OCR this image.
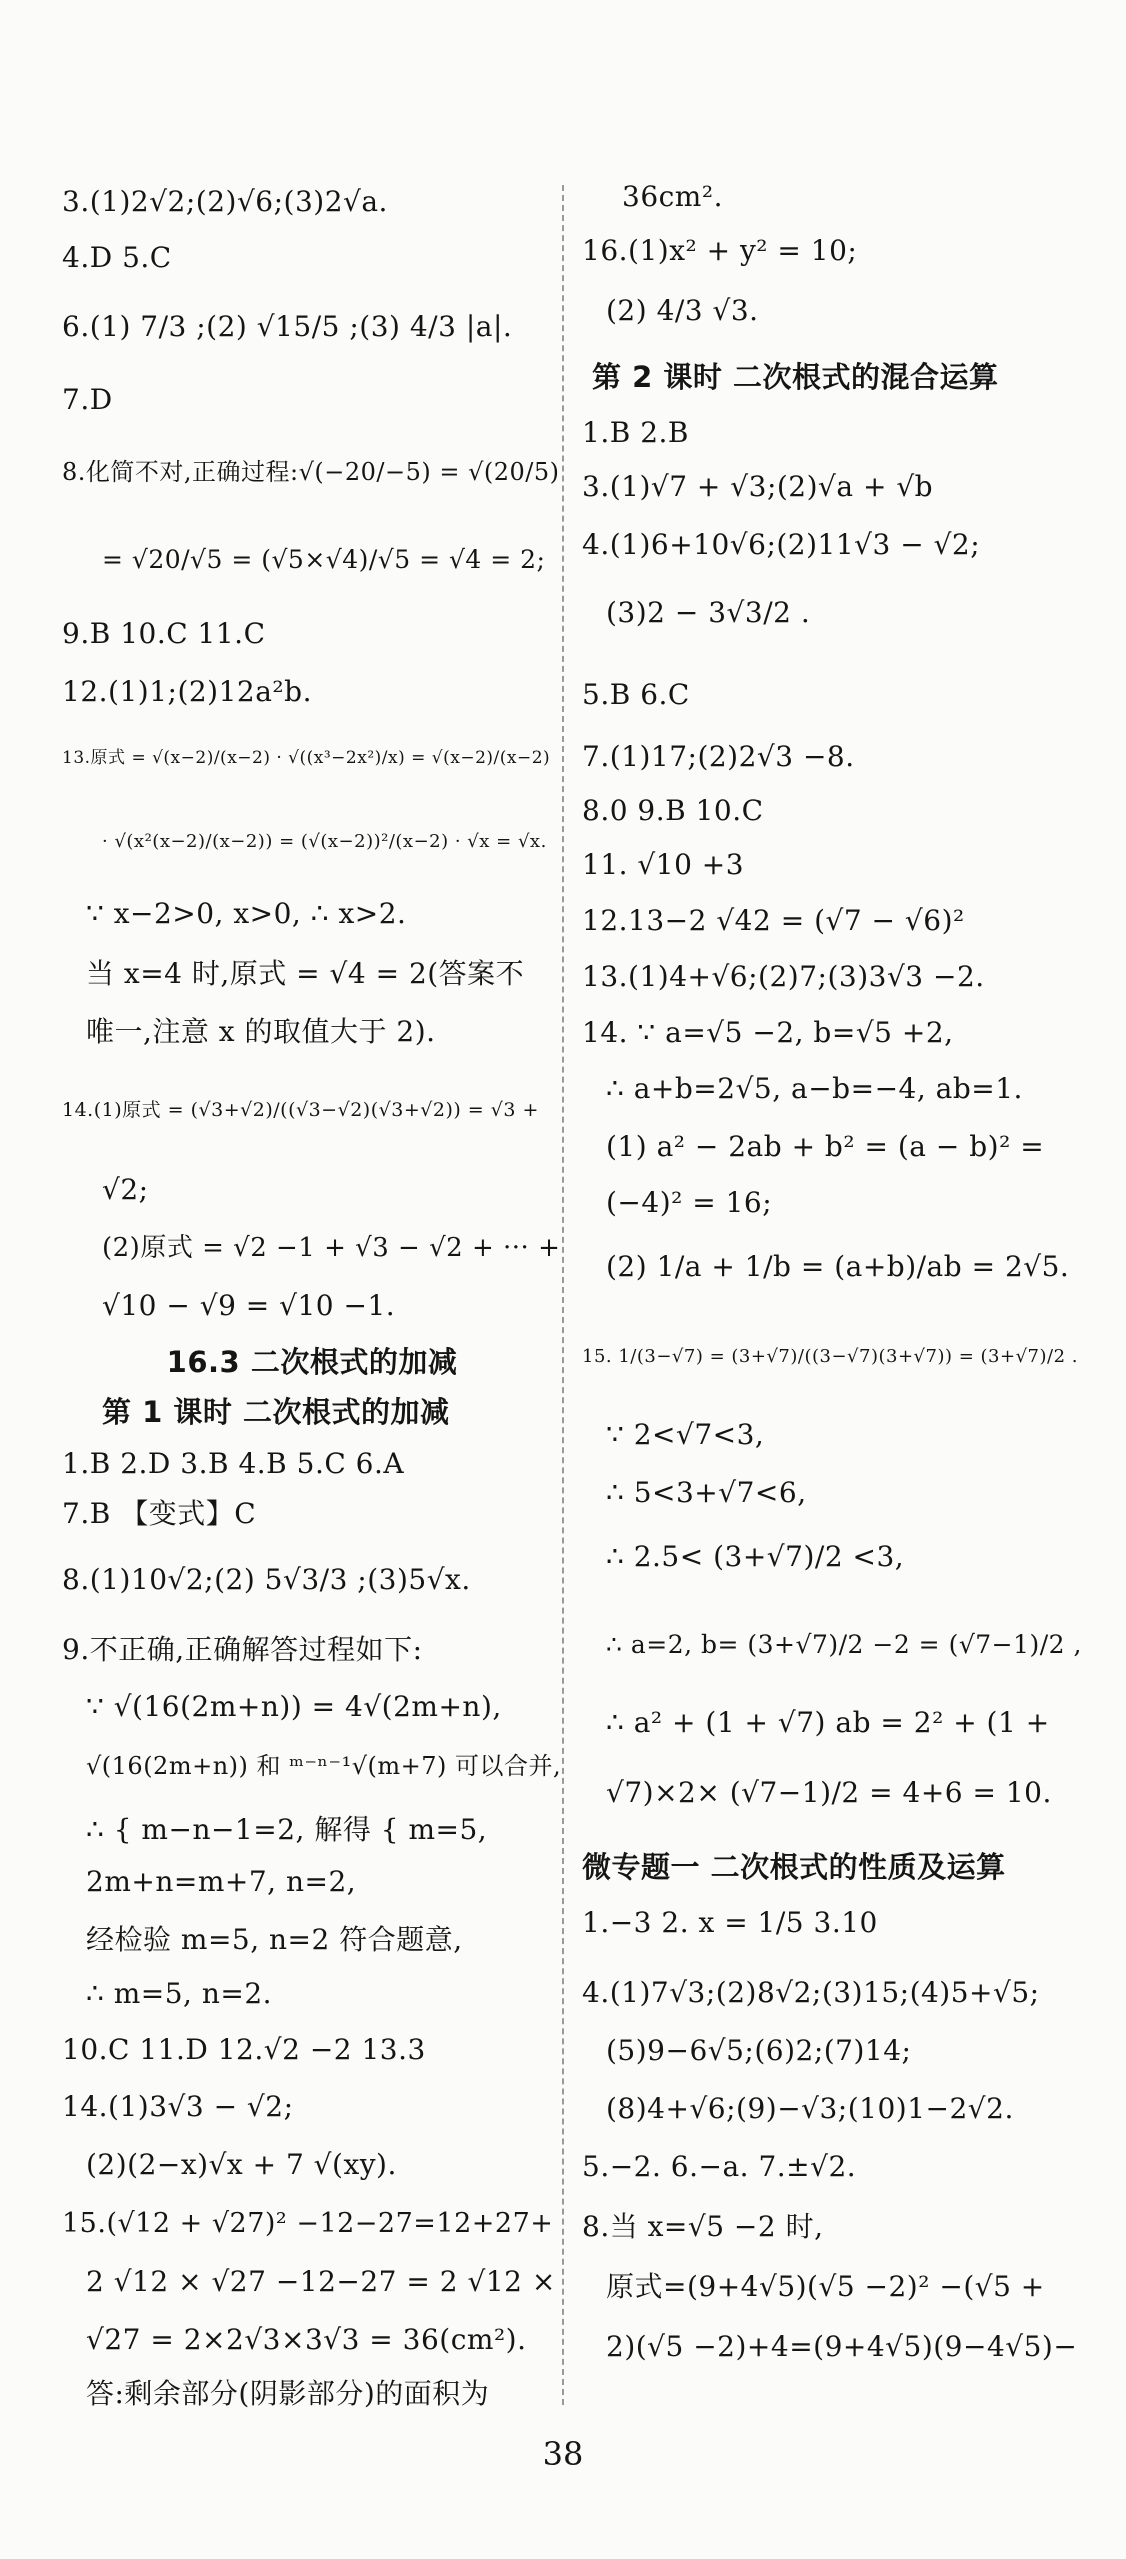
3.(1)2√2;(2)√6;(3)2√a.
4.D 5.C
6.(1) 7/3 ;(2) √15/5 ;(3) 4/3 |a|.
7.D
8.化简不对,正确过程:√(−20/−5) = √(20/5)
= √20/√5 = (√5×√4)/√5 = √4 = 2;
9.B 10.C 11.C
12.(1)1;(2)12a²b.
13.原式 = √(x−2)/(x−2) · √((x³−2x²)/x) = √(x−2)/(x−2)
· √(x²(x−2)/(x−2)) = (√(x−2))²/(x−2) · √x = √x.
∵ x−2>0, x>0, ∴ x>2.
当 x=4 时,原式 = √4 = 2(答案不
唯一,注意 x 的取值大于 2).
14.(1)原式 = (√3+√2)/((√3−√2)(√3+√2)) = √3 +
√2;
(2)原式 = √2 −1 + √3 − √2 + ··· +
√10 − √9 = √10 −1.
16.3 二次根式的加减
第 1 课时 二次根式的加减
1.B 2.D 3.B 4.B 5.C 6.A
7.B 【变式】C
8.(1)10√2;(2) 5√3/3 ;(3)5√x.
9.不正确,正确解答过程如下:
∵ √(16(2m+n)) = 4√(2m+n),
√(16(2m+n)) 和 ᵐ⁻ⁿ⁻¹√(m+7) 可以合并,
∴ { m−n−1=2, 解得 { m=5,
2m+n=m+7, n=2,
经检验 m=5, n=2 符合题意,
∴ m=5, n=2.
10.C 11.D 12.√2 −2 13.3
14.(1)3√3 − √2;
(2)(2−x)√x + 7 √(xy).
15.(√12 + √27)² −12−27=12+27+
2 √12 × √27 −12−27 = 2 √12 ×
√27 = 2×2√3×3√3 = 36(cm²).
答:剩余部分(阴影部分)的面积为
36cm².
16.(1)x² + y² = 10;
(2) 4/3 √3.
第 2 课时 二次根式的混合运算
1.B 2.B
3.(1)√7 + √3;(2)√a + √b
4.(1)6+10√6;(2)11√3 − √2;
(3)2 − 3√3/2 .
5.B 6.C
7.(1)17;(2)2√3 −8.
8.0 9.B 10.C
11. √10 +3
12.13−2 √42 = (√7 − √6)²
13.(1)4+√6;(2)7;(3)3√3 −2.
14. ∵ a=√5 −2, b=√5 +2,
∴ a+b=2√5, a−b=−4, ab=1.
(1) a² − 2ab + b² = (a − b)² =
(−4)² = 16;
(2) 1/a + 1/b = (a+b)/ab = 2√5.
15. 1/(3−√7) = (3+√7)/((3−√7)(3+√7)) = (3+√7)/2 .
∵ 2<√7<3,
∴ 5<3+√7<6,
∴ 2.5< (3+√7)/2 <3,
∴ a=2, b= (3+√7)/2 −2 = (√7−1)/2 ,
∴ a² + (1 + √7) ab = 2² + (1 +
√7)×2× (√7−1)/2 = 4+6 = 10.
微专题一 二次根式的性质及运算
1.−3 2. x = 1/5 3.10
4.(1)7√3;(2)8√2;(3)15;(4)5+√5;
(5)9−6√5;(6)2;(7)14;
(8)4+√6;(9)−√3;(10)1−2√2.
5.−2. 6.−a. 7.±√2.
8.当 x=√5 −2 时,
原式=(9+4√5)(√5 −2)² −(√5 +
2)(√5 −2)+4=(9+4√5)(9−4√5)−
38
